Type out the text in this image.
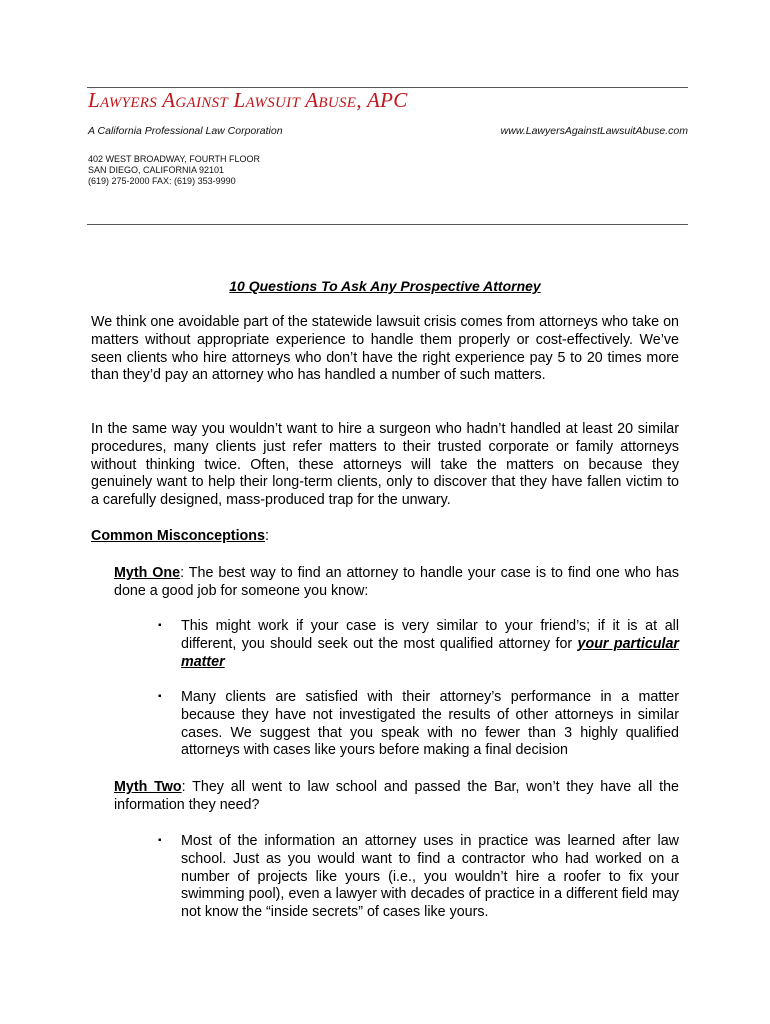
Lawyers Against Lawsuit Abuse, APC
A California Professional Law Corporation	www.LawyersAgainstLawsuitAbuse.com
402 WEST BROADWAY, FOURTH FLOOR
SAN DIEGO, CALIFORNIA 92101
(619) 275-2000 FAX: (619) 353-9990
10 Questions To Ask Any Prospective Attorney

We think one avoidable part of the statewide lawsuit crisis comes from attorneys who take on matters without appropriate experience to handle them properly or cost-effectively. We’ve seen clients who hire attorneys who don’t have the right experience pay 5 to 20 times more than they’d pay an attorney who has handled a number of such matters.

In the same way you wouldn’t want to hire a surgeon who hadn’t handled at least 20 similar procedures, many clients just refer matters to their trusted corporate or family attorneys without thinking twice. Often, these attorneys will take the matters on because they genuinely want to help their long-term clients, only to discover that they have fallen victim to a carefully designed, mass-produced trap for the unwary.

Common Misconceptions:

Myth One: The best way to find an attorney to handle your case is to find one who has done a good job for someone you know:

▪ This might work if your case is very similar to your friend’s; if it is at all different, you should seek out the most qualified attorney for your particular matter

▪ Many clients are satisfied with their attorney’s performance in a matter because they have not investigated the results of other attorneys in similar cases. We suggest that you speak with no fewer than 3 highly qualified attorneys with cases like yours before making a final decision

Myth Two: They all went to law school and passed the Bar, won’t they have all the information they need?

▪ Most of the information an attorney uses in practice was learned after law school. Just as you would want to find a contractor who had worked on a number of projects like yours (i.e., you wouldn’t hire a roofer to fix your swimming pool), even a lawyer with decades of practice in a different field may not know the “inside secrets” of cases like yours.
